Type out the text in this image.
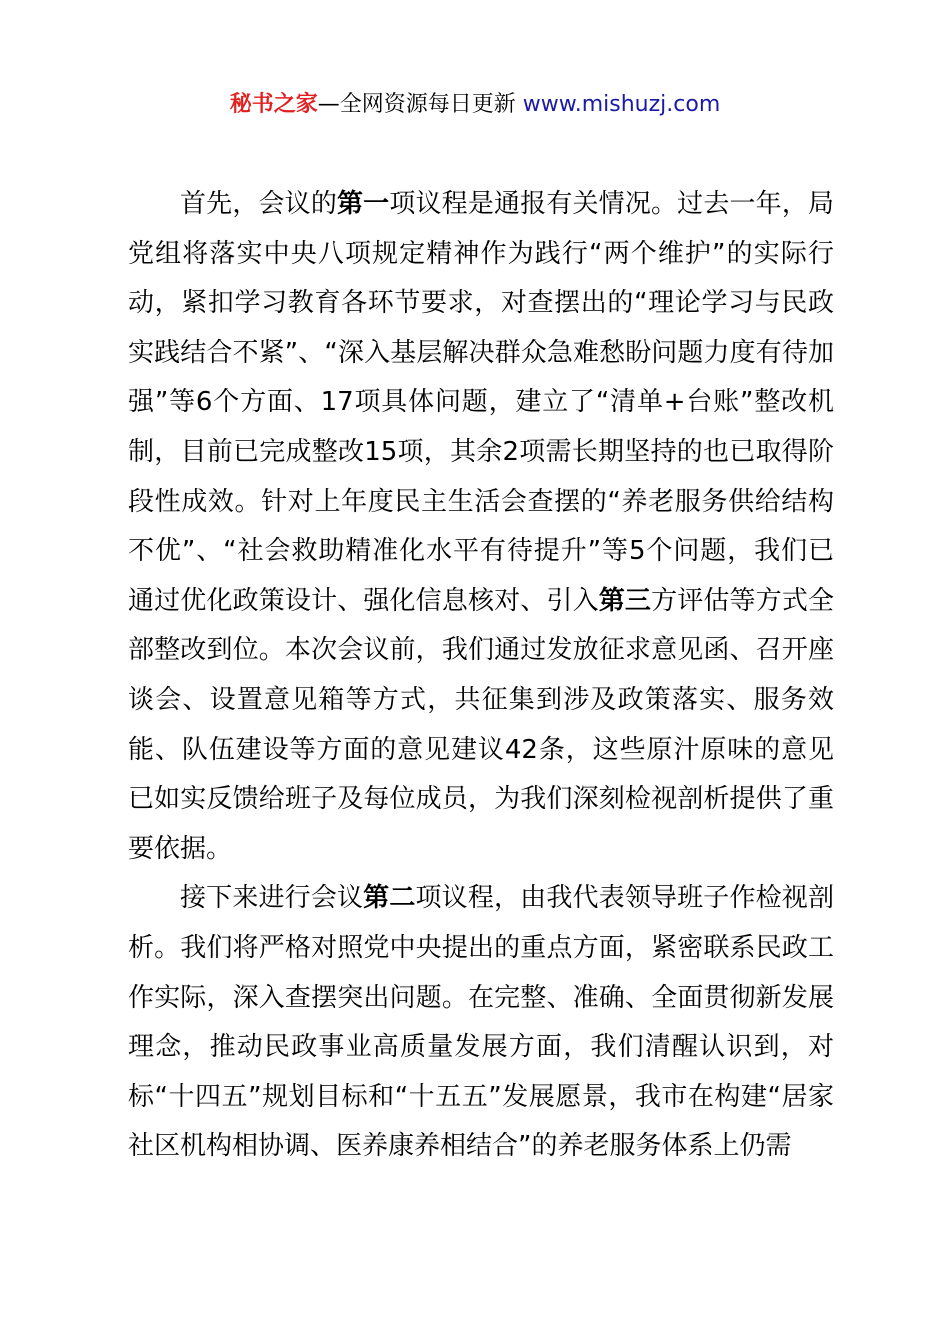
秘书之家—全网资源每日更新 www.mishuzj.com

首先，会议的第一项议程是通报有关情况。过去一年，局党组将落实中央八项规定精神作为践行“两个维护”的实际行动，紧扣学习教育各环节要求，对查摆出的“理论学习与民政实践结合不紧”、“深入基层解决群众急难愁盼问题力度有待加强”等6个方面、17项具体问题，建立了“清单+台账”整改机制，目前已完成整改15项，其余2项需长期坚持的也已取得阶段性成效。针对上年度民主生活会查摆的“养老服务供给结构不优”、“社会救助精准化水平有待提升”等5个问题，我们已通过优化政策设计、强化信息核对、引入第三方评估等方式全部整改到位。本次会议前，我们通过发放征求意见函、召开座谈会、设置意见箱等方式，共征集到涉及政策落实、服务效能、队伍建设等方面的意见建议42条，这些原汁原味的意见已如实反馈给班子及每位成员，为我们深刻检视剖析提供了重要依据。

接下来进行会议第二项议程，由我代表领导班子作检视剖析。我们将严格对照党中央提出的重点方面，紧密联系民政工作实际，深入查摆突出问题。在完整、准确、全面贯彻新发展理念，推动民政事业高质量发展方面，我们清醒认识到，对标“十四五”规划目标和“十五五”发展愿景，我市在构建“居家社区机构相协调、医养康养相结合”的养老服务体系上仍需
